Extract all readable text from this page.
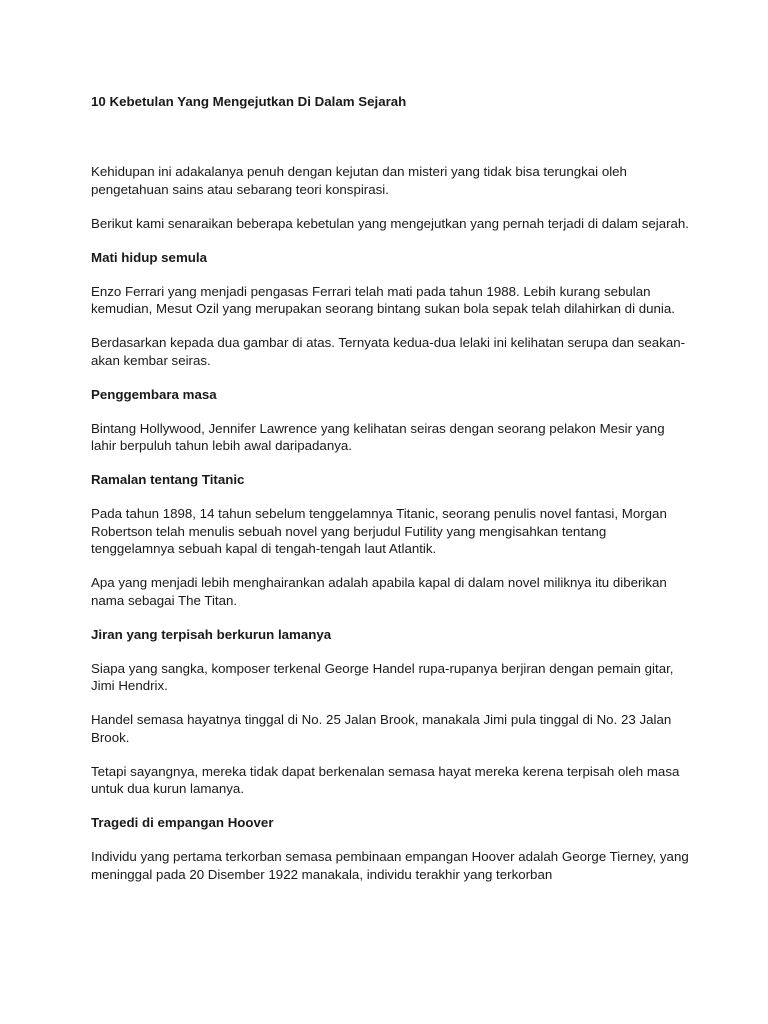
10 Kebetulan Yang Mengejutkan Di Dalam Sejarah

Kehidupan ini adakalanya penuh dengan kejutan dan misteri yang tidak bisa terungkai oleh pengetahuan sains atau sebarang teori konspirasi.

Berikut kami senaraikan beberapa kebetulan yang mengejutkan yang pernah terjadi di dalam sejarah.

Mati hidup semula

Enzo Ferrari yang menjadi pengasas Ferrari telah mati pada tahun 1988. Lebih kurang sebulan kemudian, Mesut Ozil yang merupakan seorang bintang sukan bola sepak telah dilahirkan di dunia.

Berdasarkan kepada dua gambar di atas. Ternyata kedua-dua lelaki ini kelihatan serupa dan seakan-akan kembar seiras.

Penggembara masa

Bintang Hollywood, Jennifer Lawrence yang kelihatan seiras dengan seorang pelakon Mesir yang lahir berpuluh tahun lebih awal daripadanya.

Ramalan tentang Titanic

Pada tahun 1898, 14 tahun sebelum tenggelamnya Titanic, seorang penulis novel fantasi, Morgan Robertson telah menulis sebuah novel yang berjudul Futility yang mengisahkan tentang tenggelamnya sebuah kapal di tengah-tengah laut Atlantik.

Apa yang menjadi lebih menghairankan adalah apabila kapal di dalam novel miliknya itu diberikan nama sebagai The Titan.

Jiran yang terpisah berkurun lamanya

Siapa yang sangka, komposer terkenal George Handel rupa-rupanya berjiran dengan pemain gitar, Jimi Hendrix.

Handel semasa hayatnya tinggal di No. 25 Jalan Brook, manakala Jimi pula tinggal di No. 23 Jalan Brook.

Tetapi sayangnya, mereka tidak dapat berkenalan semasa hayat mereka kerena terpisah oleh masa untuk dua kurun lamanya.

Tragedi di empangan Hoover

Individu yang pertama terkorban semasa pembinaan empangan Hoover adalah George Tierney, yang meninggal pada 20 Disember 1922 manakala, individu terakhir yang terkorban
